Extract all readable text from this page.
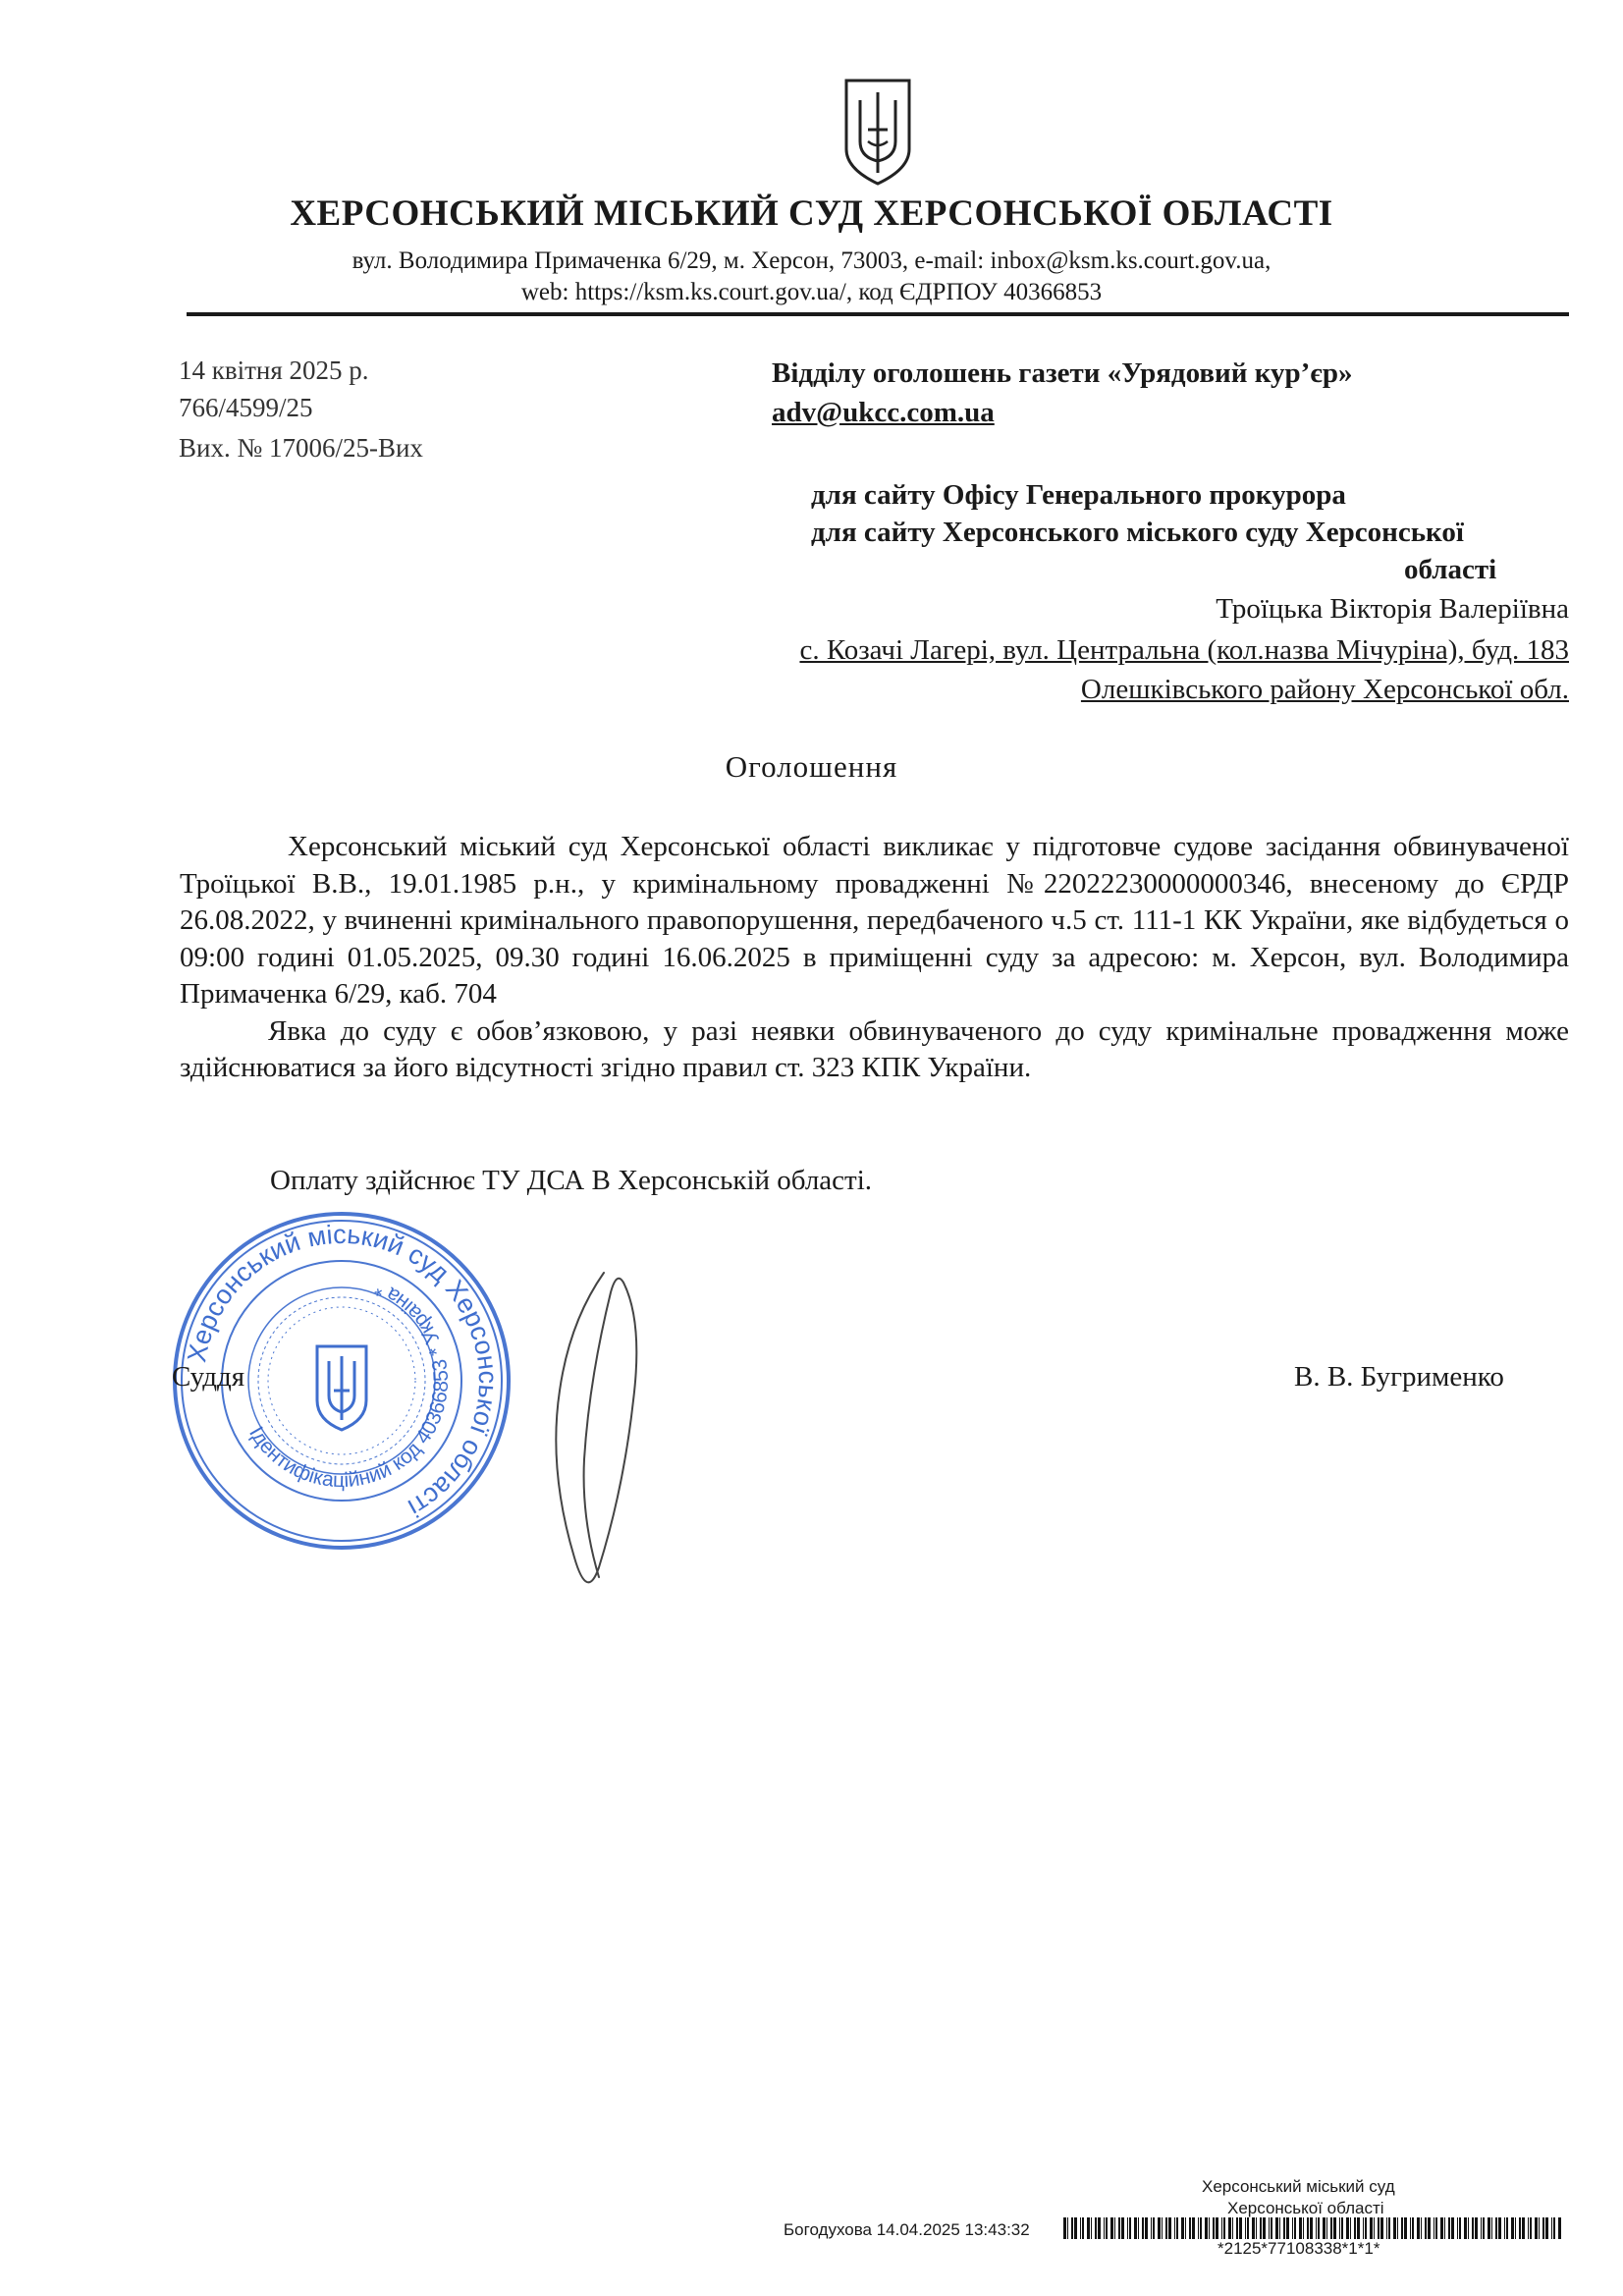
ХЕРСОНСЬКИЙ МІСЬКИЙ СУД ХЕРСОНСЬКОЇ ОБЛАСТІ
вул. Володимира Примаченка 6/29, м. Херсон, 73003, e-mail: inbox@ksm.ks.court.gov.ua,
web: https://ksm.ks.court.gov.ua/, код ЄДРПОУ 40366853
14 квітня 2025 р.
766/4599/25
Вих. № 17006/25-Вих
Відділу оголошень газети «Урядовий кур’єр»
adv@ukcc.com.ua
для сайту Офісу Генерального прокурора
для сайту Херсонського міського суду Херсонської
області
Троїцька Вікторія Валеріївна
с. Козачі Лагері, вул. Центральна (кол.назва Мічуріна), буд. 183
Олешківського району Херсонської обл.
Оголошення

Херсонський міський суд Херсонської області викликає у підготовче судове засідання обвинуваченої Троїцької В.В., 19.01.1985 р.н., у кримінальному провадженні №22022230000000346, внесеному до ЄРДР 26.08.2022, у вчиненні кримінального правопорушення, передбаченого ч.5 ст. 111-1 КК України, яке відбудеться о 09:00 годині 01.05.2025, 09.30 годині 16.06.2025 в приміщенні суду за адресою: м. Херсон, вул. Володимира Примаченка 6/29, каб. 704

Явка до суду є обов’язковою, у разі неявки обвинуваченого до суду кримінальне провадження може здійснюватися за його відсутності згідно правил ст. 323 КПК України.

Оплату здійснює ТУ ДСА В Херсонській області.
Херсонський міський суд Херсонської області
Ідентифікаційний код 40366853 * Україна *
Суддя	В. В. Бугрименко
Херсонський міський суд
Херсонської області
Богодухова 14.04.2025 13:43:32
*2125*77108338*1*1*
